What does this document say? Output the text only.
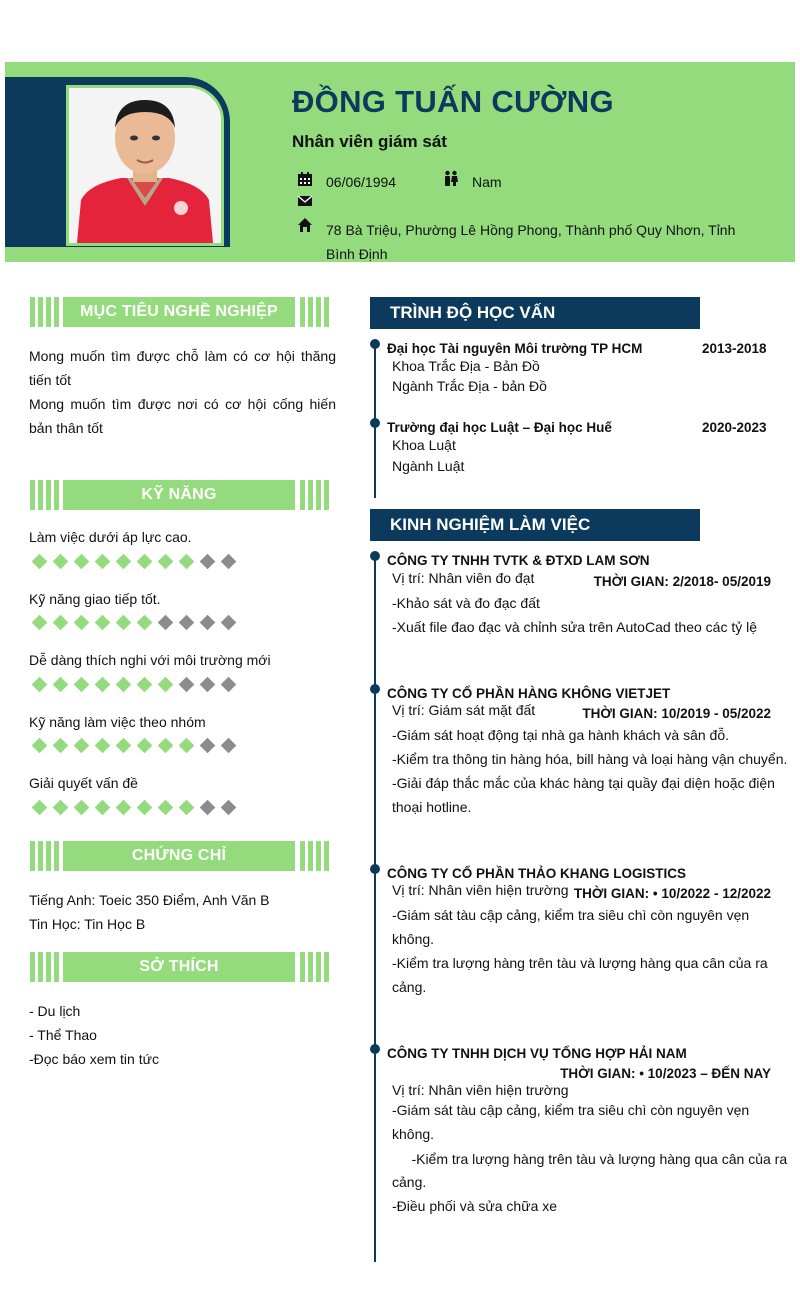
ĐỒNG TUẤN CƯỜNG
Nhân viên giám sát
06/06/1994	Nam
78 Bà Triệu, Phường Lê Hồng Phong, Thành phố Quy Nhơn, Tỉnh
Bình Định
MỤC TIÊU NGHỀ NGHIỆP
Mong muốn tìm được chỗ làm có cơ hội thăng tiến tốt
Mong muốn tìm được nơi có cơ hội cống hiến bản thân tốt
KỸ NĂNG
Làm việc dưới áp lực cao.
Kỹ năng giao tiếp tốt.
Dễ dàng thích nghi với môi trường mới
Kỹ năng làm việc theo nhóm
Giải quyết vấn đề
CHỨNG CHỈ
Tiếng Anh: Toeic 350 Điểm, Anh Văn B
Tin Học: Tin Học B
SỞ THÍCH
- Du lịch
- Thể Thao
-Đọc báo xem tin tức
TRÌNH ĐỘ HỌC VẤN
Đại học Tài nguyên Môi trường TP HCM	2013-2018
Khoa Trắc Địa - Bản Đồ
Ngành Trắc Địa - bản Đồ
Trường đại học Luật – Đại học Huế	2020-2023
Khoa Luật
Ngành Luật
KINH NGHIỆM LÀM VIỆC
CÔNG TY TNHH TVTK & ĐTXD LAM SƠN
Vị trí: Nhân viên đo đạt	THỜI GIAN: 2/2018- 05/2019
-Khảo sát và đo đạc đất
-Xuất file đao đạc và chỉnh sửa trên AutoCad theo các tỷ lệ
CÔNG TY CỔ PHẦN HÀNG KHÔNG VIETJET
Vị trí: Giám sát mặt đất	THỜI GIAN: 10/2019 - 05/2022
-Giám sát hoạt động tại nhà ga hành khách và sân đỗ.
-Kiểm tra thông tin hàng hóa, bill hàng và loại hàng vận chuyển.
-Giải đáp thắc mắc của khác hàng tại quầy đại diện hoặc điện
thoại hotline.
CÔNG TY CỔ PHẦN THẢO KHANG LOGISTICS
Vị trí: Nhân viên hiện trường THỜI GIAN: • 10/2022 - 12/2022
-Giám sát tàu cập cảng, kiểm tra siêu chì còn nguyên vẹn
không.
-Kiểm tra lượng hàng trên tàu và lượng hàng qua cân của ra
cảng.
CÔNG TY TNHH DỊCH VỤ TỔNG HỢP HẢI NAM
THỜI GIAN: • 10/2023 – ĐẾN NAY
Vị trí: Nhân viên hiện trường
-Giám sát tàu cập cảng, kiểm tra siêu chì còn nguyên vẹn
không.
-Kiểm tra lượng hàng trên tàu và lượng hàng qua cân của ra
cảng.
-Điều phối và sửa chữa xe
